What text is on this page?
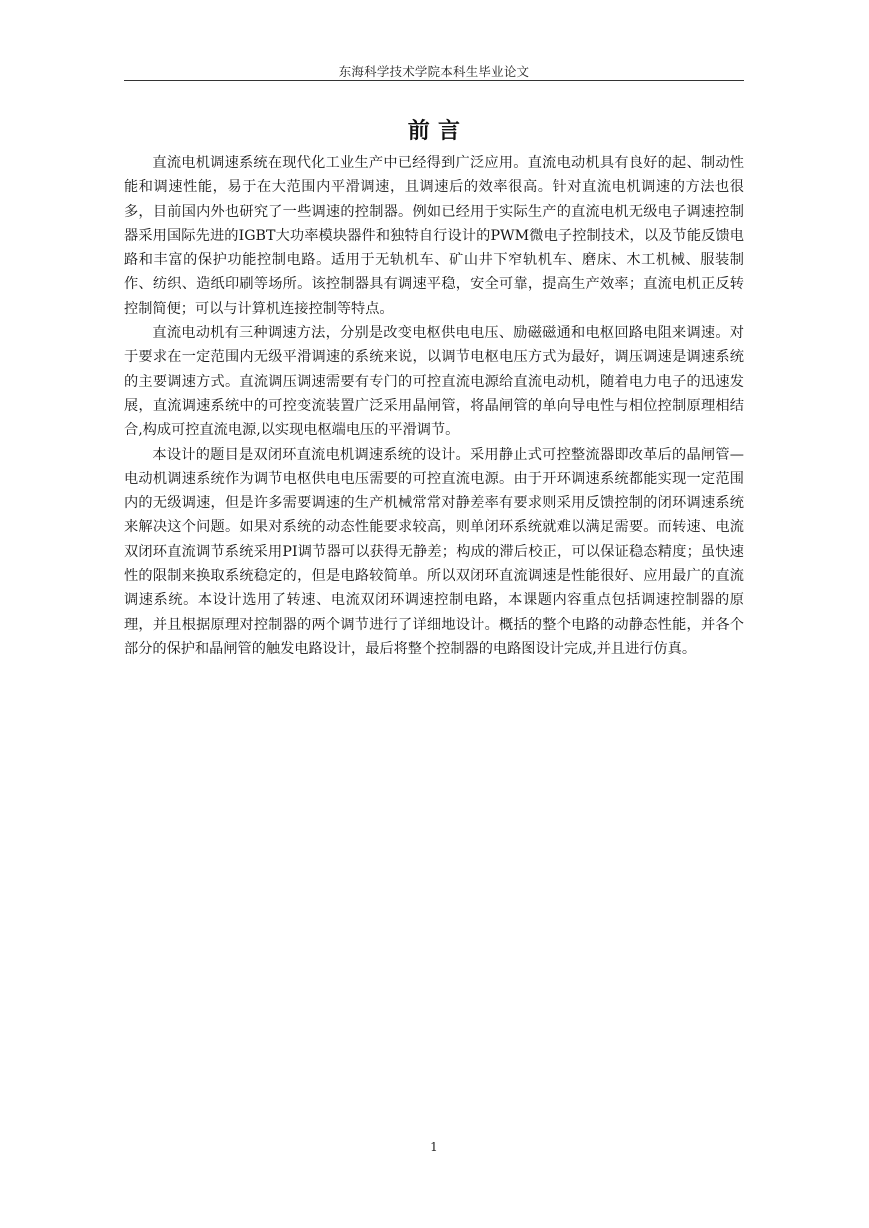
东海科学技术学院本科生毕业论文
前 言

直流电机调速系统在现代化工业生产中已经得到广泛应用。直流电动机具有良好的起、制动性能和调速性能，易于在大范围内平滑调速，且调速后的效率很高。针对直流电机调速的方法也很多，目前国内外也研究了一些调速的控制器。例如已经用于实际生产的直流电机无级电子调速控制器采用国际先进的IGBT大功率模块器件和独特自行设计的PWM微电子控制技术，以及节能反馈电路和丰富的保护功能控制电路。适用于无轨机车、矿山井下窄轨机车、磨床、木工机械、服装制作、纺织、造纸印刷等场所。该控制器具有调速平稳，安全可靠，提高生产效率；直流电机正反转控制简便；可以与计算机连接控制等特点。

直流电动机有三种调速方法，分别是改变电枢供电电压、励磁磁通和电枢回路电阻来调速。对于要求在一定范围内无级平滑调速的系统来说，以调节电枢电压方式为最好，调压调速是调速系统的主要调速方式。直流调压调速需要有专门的可控直流电源给直流电动机，随着电力电子的迅速发展，直流调速系统中的可控变流装置广泛采用晶闸管，将晶闸管的单向导电性与相位控制原理相结合,构成可控直流电源,以实现电枢端电压的平滑调节。

本设计的题目是双闭环直流电机调速系统的设计。采用静止式可控整流器即改革后的晶闸管—电动机调速系统作为调节电枢供电电压需要的可控直流电源。由于开环调速系统都能实现一定范围内的无级调速，但是许多需要调速的生产机械常常对静差率有要求则采用反馈控制的闭环调速系统来解决这个问题。如果对系统的动态性能要求较高，则单闭环系统就难以满足需要。而转速、电流双闭环直流调节系统采用PI调节器可以获得无静差；构成的滞后校正，可以保证稳态精度；虽快速性的限制来换取系统稳定的，但是电路较简单。所以双闭环直流调速是性能很好、应用最广的直流调速系统。本设计选用了转速、电流双闭环调速控制电路，本课题内容重点包括调速控制器的原理，并且根据原理对控制器的两个调节进行了详细地设计。概括的整个电路的动静态性能，并各个部分的保护和晶闸管的触发电路设计，最后将整个控制器的电路图设计完成,并且进行仿真。

1
